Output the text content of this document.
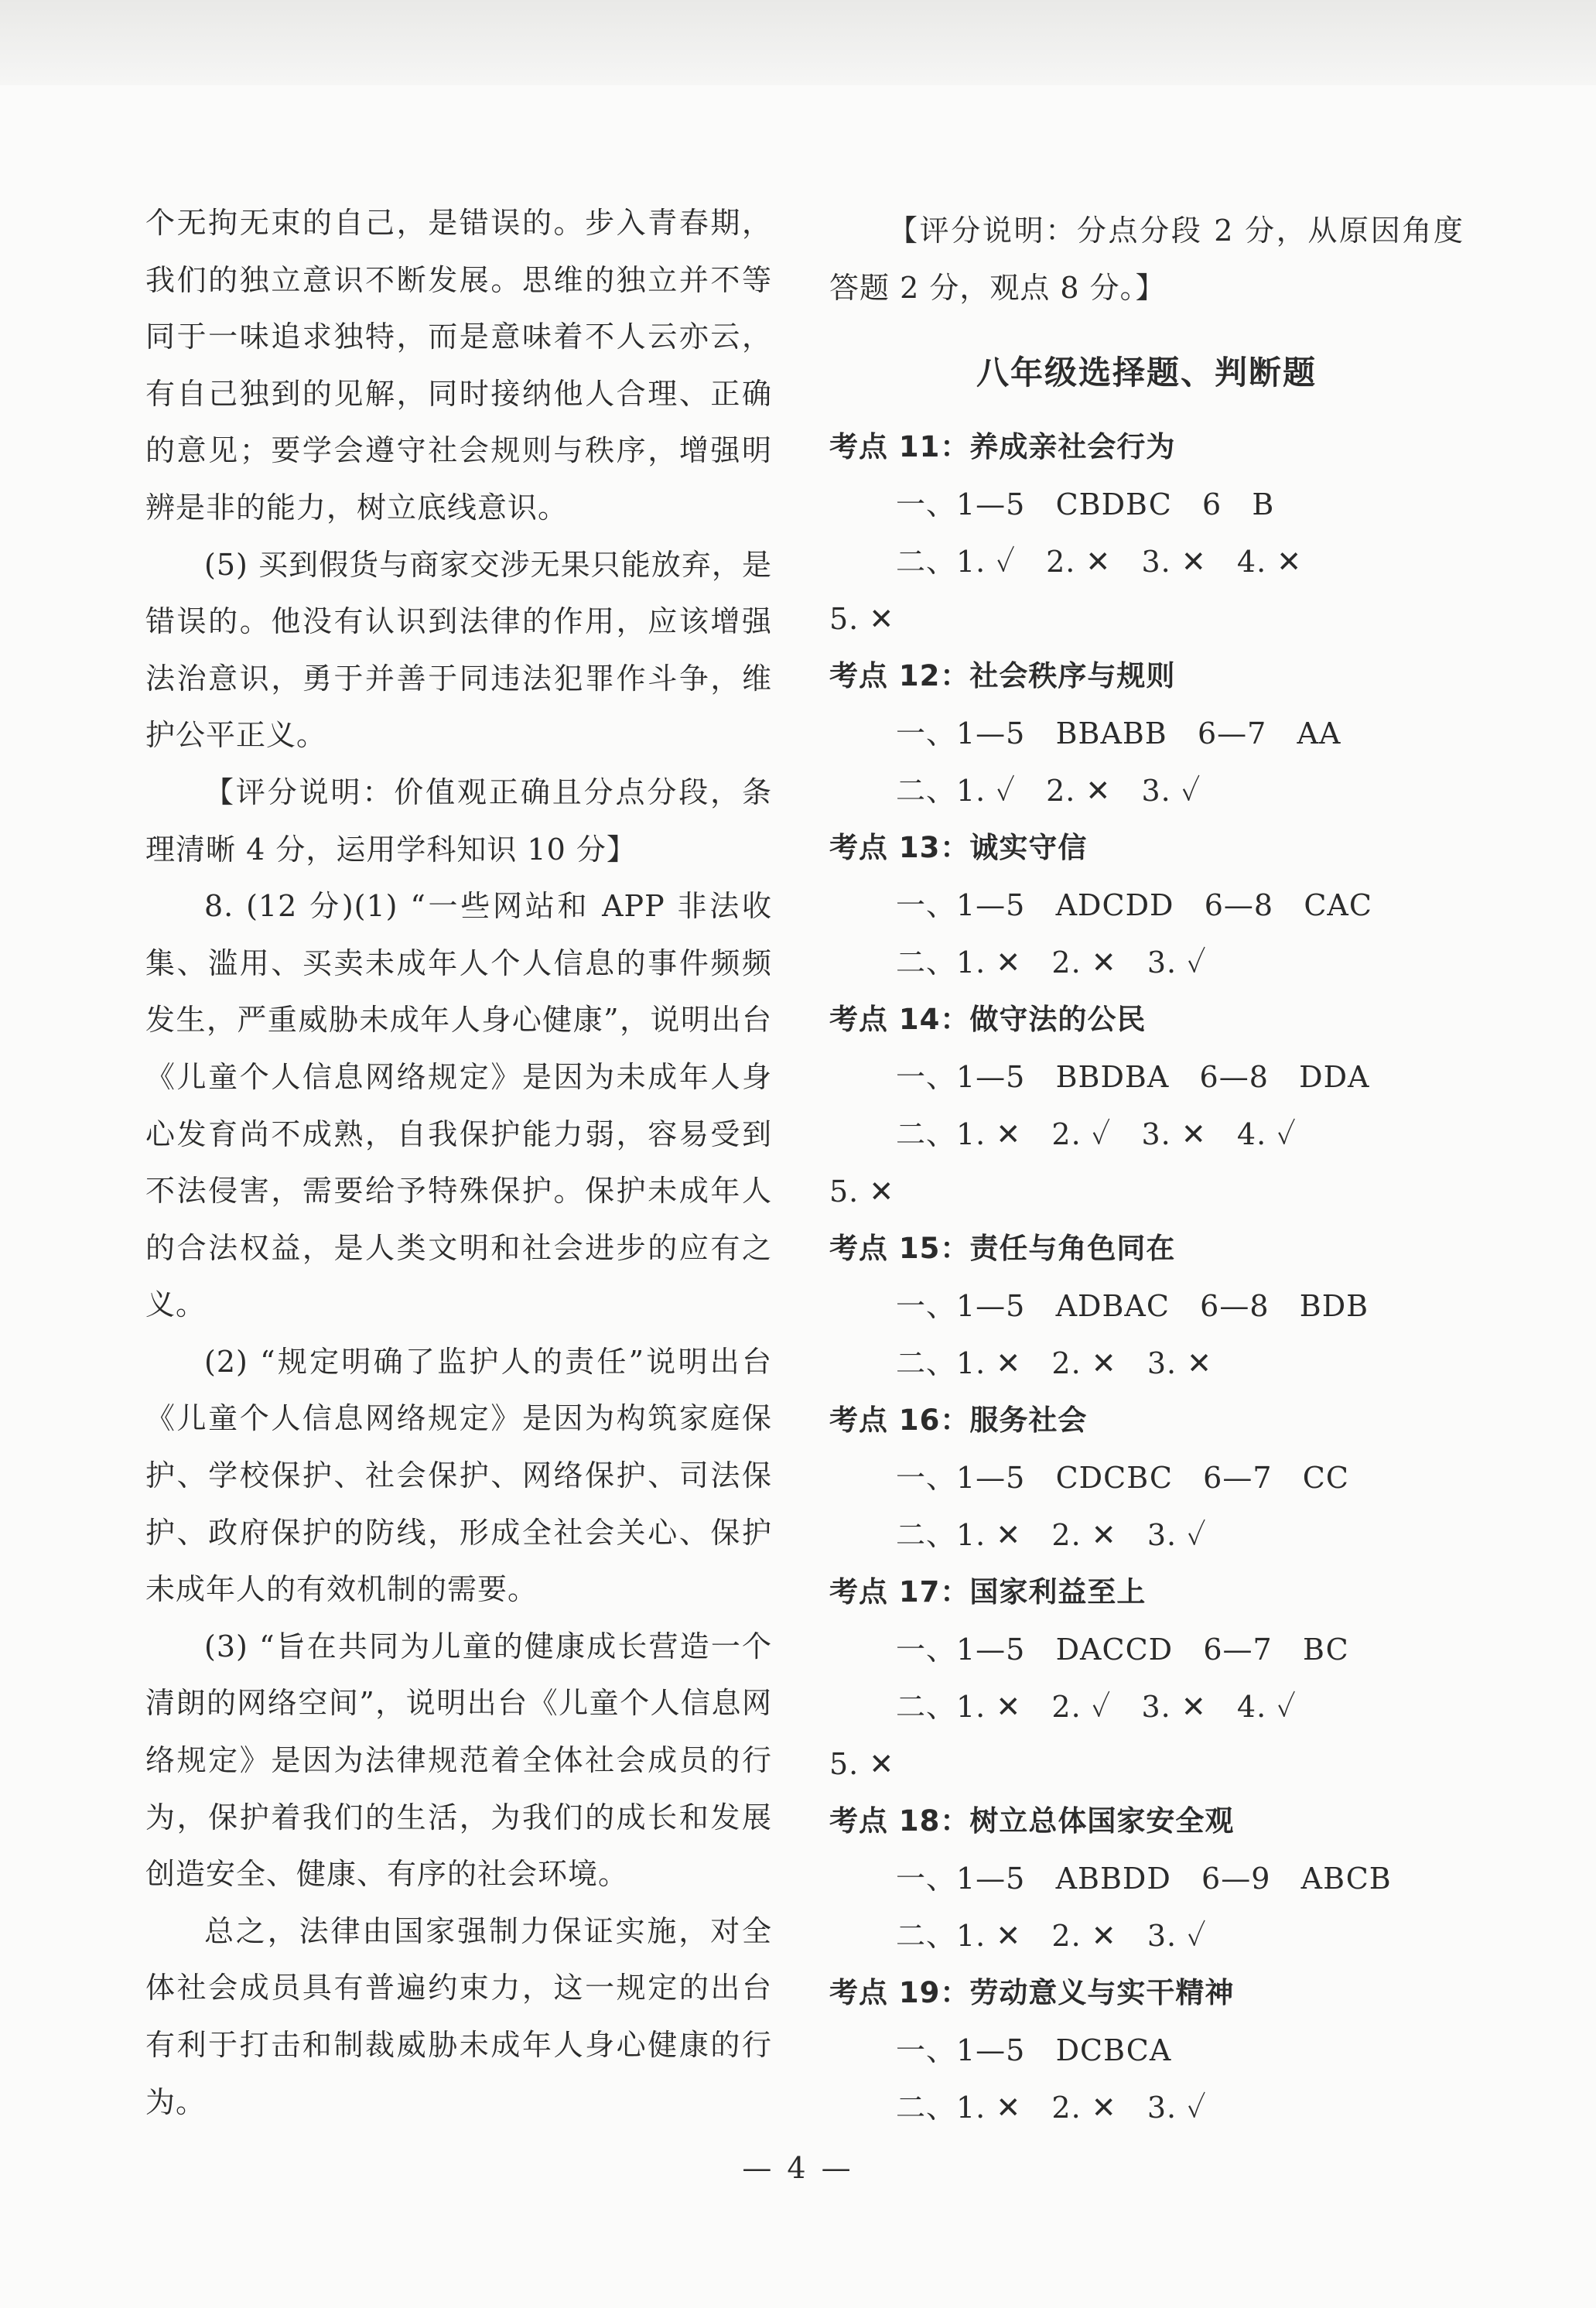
个无拘无束的自己，是错误的。步入青春期，我们的独立意识不断发展。思维的独立并不等同于一味追求独特，而是意味着不人云亦云，有自己独到的见解，同时接纳他人合理、正确的意见；要学会遵守社会规则与秩序，增强明辨是非的能力，树立底线意识。

(5) 买到假货与商家交涉无果只能放弃，是错误的。他没有认识到法律的作用，应该增强法治意识，勇于并善于同违法犯罪作斗争，维护公平正义。

【评分说明：价值观正确且分点分段，条理清晰 4 分，运用学科知识 10 分】

8. (12 分)(1) “一些网站和 APP 非法收集、滥用、买卖未成年人个人信息的事件频频发生，严重威胁未成年人身心健康”，说明出台《儿童个人信息网络规定》是因为未成年人身心发育尚不成熟，自我保护能力弱，容易受到不法侵害，需要给予特殊保护。保护未成年人的合法权益，是人类文明和社会进步的应有之义。

(2) “规定明确了监护人的责任”说明出台《儿童个人信息网络规定》是因为构筑家庭保护、学校保护、社会保护、网络保护、司法保护、政府保护的防线，形成全社会关心、保护未成年人的有效机制的需要。

(3) “旨在共同为儿童的健康成长营造一个清朗的网络空间”，说明出台《儿童个人信息网络规定》是因为法律规范着全体社会成员的行为，保护着我们的生活，为我们的成长和发展创造安全、健康、有序的社会环境。

总之，法律由国家强制力保证实施，对全体社会成员具有普遍约束力，这一规定的出台有利于打击和制裁威胁未成年人身心健康的行为。

【评分说明：分点分段 2 分，从原因角度答题 2 分，观点 8 分。】

八年级选择题、判断题
考点 11：养成亲社会行为
一、1—5   CBDBC   6   B
二、1. ✓   2. ✕   3. ✕   4. ✕
5. ✕
考点 12：社会秩序与规则
一、1—5   BBABB   6—7   AA
二、1. ✓   2. ✕   3. ✓
考点 13：诚实守信
一、1—5   ADCDD   6—8   CAC
二、1. ✕   2. ✕   3. ✓
考点 14：做守法的公民
一、1—5   BBDBA   6—8   DDA
二、1. ✕   2. ✓   3. ✕   4. ✓
5. ✕
考点 15：责任与角色同在
一、1—5   ADBAC   6—8   BDB
二、1. ✕   2. ✕   3. ✕
考点 16：服务社会
一、1—5   CDCBC   6—7   CC
二、1. ✕   2. ✕   3. ✓
考点 17：国家利益至上
一、1—5   DACCD   6—7   BC
二、1. ✕   2. ✓   3. ✕   4. ✓
5. ✕
考点 18：树立总体国家安全观
一、1—5   ABBDD   6—9   ABCB
二、1. ✕   2. ✕   3. ✓
考点 19：劳动意义与实干精神
一、1—5   DCBCA
二、1. ✕   2. ✕   3. ✓
— 4 —
